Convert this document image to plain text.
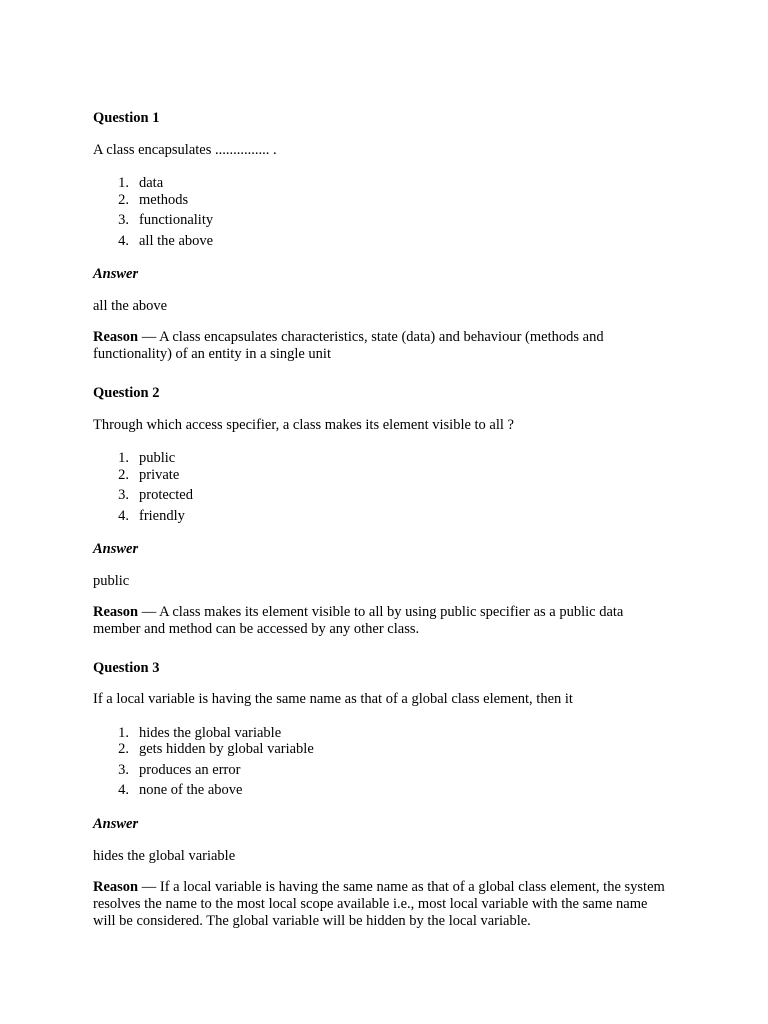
Question 1

A class encapsulates ............... .

1. data
2. methods
3. functionality
4. all the above

Answer

all the above

Reason — A class encapsulates characteristics, state (data) and behaviour (methods and functionality) of an entity in a single unit

Question 2

Through which access specifier, a class makes its element visible to all ?

1. public
2. private
3. protected
4. friendly

Answer

public

Reason — A class makes its element visible to all by using public specifier as a public data member and method can be accessed by any other class.

Question 3

If a local variable is having the same name as that of a global class element, then it

1. hides the global variable
2. gets hidden by global variable
3. produces an error
4. none of the above

Answer

hides the global variable

Reason — If a local variable is having the same name as that of a global class element, the system resolves the name to the most local scope available i.e., most local variable with the same name will be considered. The global variable will be hidden by the local variable.
